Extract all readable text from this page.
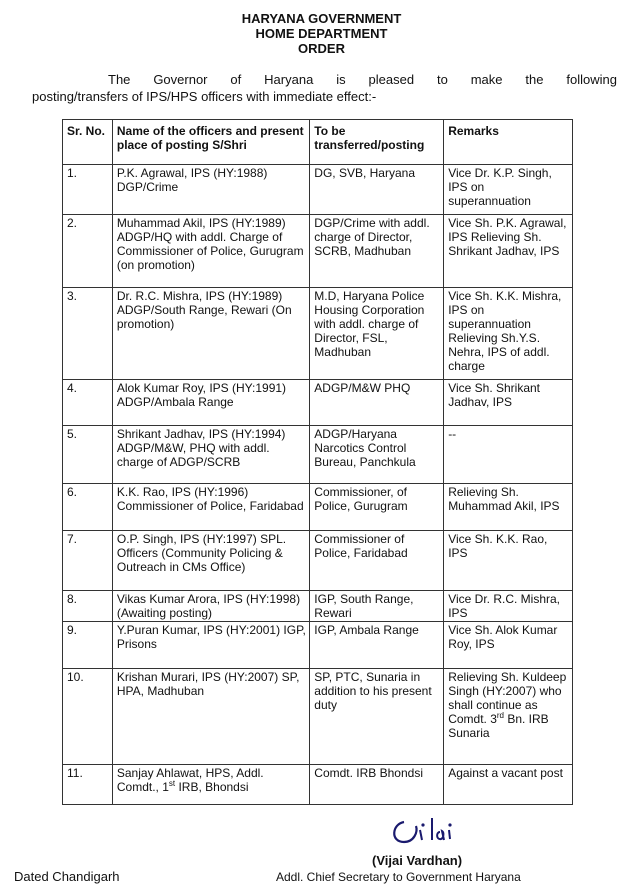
HARYANA GOVERNMENT
HOME DEPARTMENT
ORDER
The Governor of Haryana is pleased to make the following
posting/transfers of IPS/HPS officers with immediate effect:-
Sr. No.	Name of the officers and present place of posting S/Shri	To be transferred/posting	Remarks
1.	P.K. Agrawal, IPS (HY:1988) DGP/Crime	DG, SVB, Haryana	Vice Dr. K.P. Singh, IPS on superannuation
2.	Muhammad Akil, IPS (HY:1989) ADGP/HQ with addl. Charge of Commissioner of Police, Gurugram (on promotion)	DGP/Crime with addl. charge of Director, SCRB, Madhuban	Vice Sh. P.K. Agrawal, IPS Relieving Sh. Shrikant Jadhav, IPS
3.	Dr. R.C. Mishra, IPS (HY:1989) ADGP/South Range, Rewari (On promotion)	M.D, Haryana Police Housing Corporation with addl. charge of Director, FSL, Madhuban	Vice Sh. K.K. Mishra, IPS on superannuation Relieving Sh.Y.S. Nehra, IPS of addl. charge
4.	Alok Kumar Roy, IPS (HY:1991) ADGP/Ambala Range	ADGP/M&W PHQ	Vice Sh. Shrikant Jadhav, IPS
5.	Shrikant Jadhav, IPS (HY:1994) ADGP/M&W, PHQ with addl. charge of ADGP/SCRB	ADGP/Haryana Narcotics Control Bureau, Panchkula	--
6.	K.K. Rao, IPS (HY:1996) Commissioner of Police, Faridabad	Commissioner, of Police, Gurugram	Relieving Sh. Muhammad Akil, IPS
7.	O.P. Singh, IPS (HY:1997) SPL. Officers (Community Policing & Outreach in CMs Office)	Commissioner of Police, Faridabad	Vice Sh. K.K. Rao, IPS
8.	Vikas Kumar Arora, IPS (HY:1998) (Awaiting posting)	IGP, South Range, Rewari	Vice Dr. R.C. Mishra, IPS
9.	Y.Puran Kumar, IPS (HY:2001) IGP, Prisons	IGP, Ambala Range	Vice Sh. Alok Kumar Roy, IPS
10.	Krishan Murari, IPS (HY:2007) SP, HPA, Madhuban	SP, PTC, Sunaria in addition to his present duty	Relieving Sh. Kuldeep Singh (HY:2007) who shall continue as Comdt. 3rd Bn. IRB Sunaria
11.	Sanjay Ahlawat, HPS, Addl. Comdt., 1st IRB, Bhondsi	Comdt. IRB Bhondsi	Against a vacant post
(Vijai Vardhan)
Dated Chandigarh	Addl. Chief Secretary to Government Haryana
